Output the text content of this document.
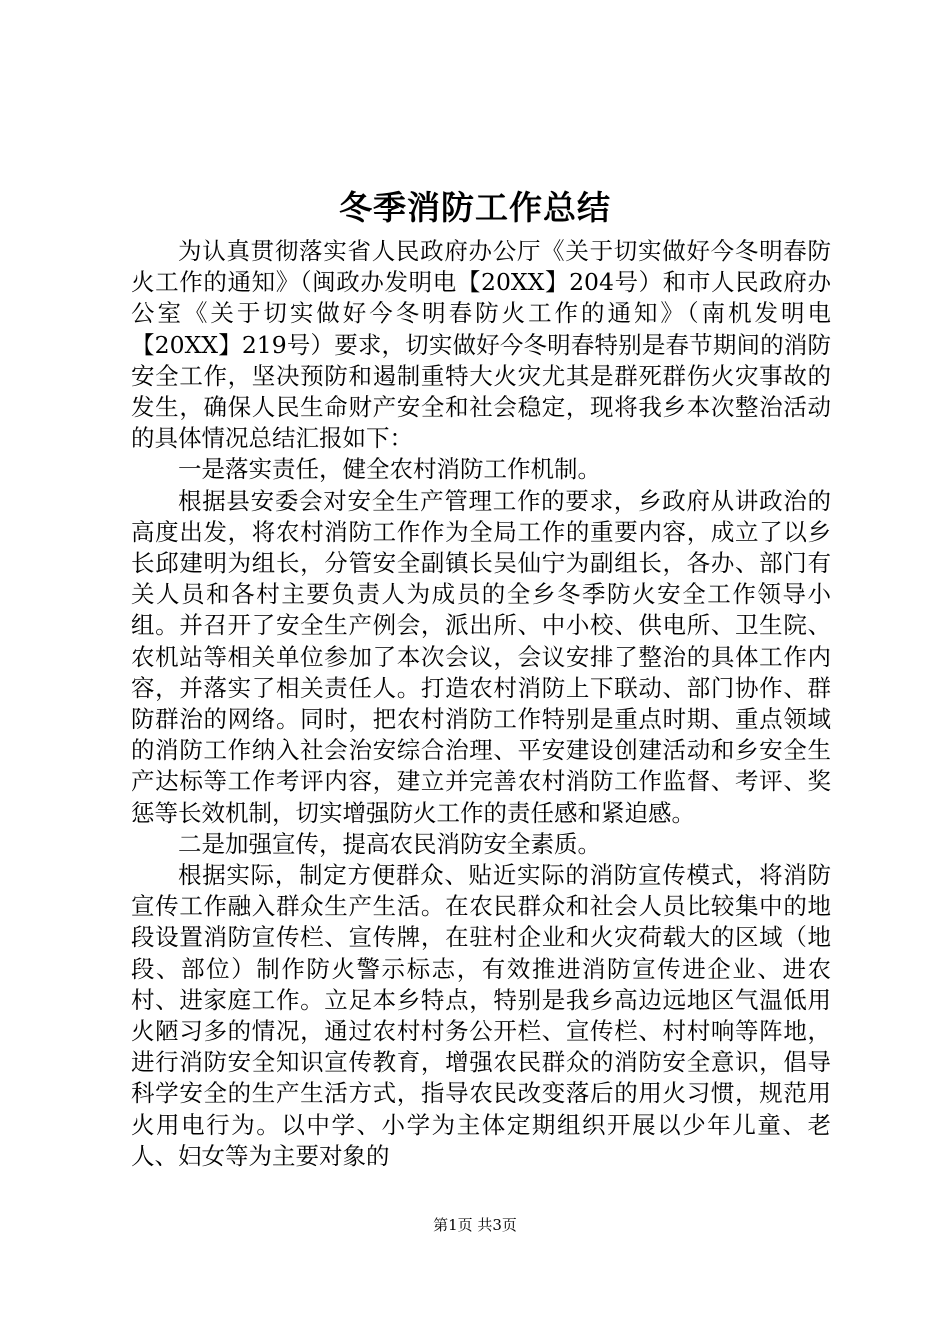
冬季消防工作总结

为认真贯彻落实省人民政府办公厅《关于切实做好今冬明春防火工作的通知》（闽政办发明电【20XX】204号）和市人民政府办公室《关于切实做好今冬明春防火工作的通知》（南机发明电【20XX】219号）要求，切实做好今冬明春特别是春节期间的消防安全工作，坚决预防和遏制重特大火灾尤其是群死群伤火灾事故的发生，确保人民生命财产安全和社会稳定，现将我乡本次整治活动的具体情况总结汇报如下：

一是落实责任，健全农村消防工作机制。

根据县安委会对安全生产管理工作的要求，乡政府从讲政治的高度出发，将农村消防工作作为全局工作的重要内容，成立了以乡长邱建明为组长，分管安全副镇长吴仙宁为副组长，各办、部门有关人员和各村主要负责人为成员的全乡冬季防火安全工作领导小组。并召开了安全生产例会，派出所、中小校、供电所、卫生院、农机站等相关单位参加了本次会议，会议安排了整治的具体工作内容，并落实了相关责任人。打造农村消防上下联动、部门协作、群防群治的网络。同时，把农村消防工作特别是重点时期、重点领域的消防工作纳入社会治安综合治理、平安建设创建活动和乡安全生产达标等工作考评内容，建立并完善农村消防工作监督、考评、奖惩等长效机制，切实增强防火工作的责任感和紧迫感。

二是加强宣传，提高农民消防安全素质。

根据实际，制定方便群众、贴近实际的消防宣传模式，将消防宣传工作融入群众生产生活。在农民群众和社会人员比较集中的地段设置消防宣传栏、宣传牌，在驻村企业和火灾荷载大的区域（地段、部位）制作防火警示标志，有效推进消防宣传进企业、进农村、进家庭工作。立足本乡特点，特别是我乡高边远地区气温低用火陋习多的情况，通过农村村务公开栏、宣传栏、村村响等阵地，进行消防安全知识宣传教育，增强农民群众的消防安全意识，倡导科学安全的生产生活方式，指导农民改变落后的用火习惯，规范用火用电行为。以中学、小学为主体定期组织开展以少年儿童、老人、妇女等为主要对象的

第1页 共3页
